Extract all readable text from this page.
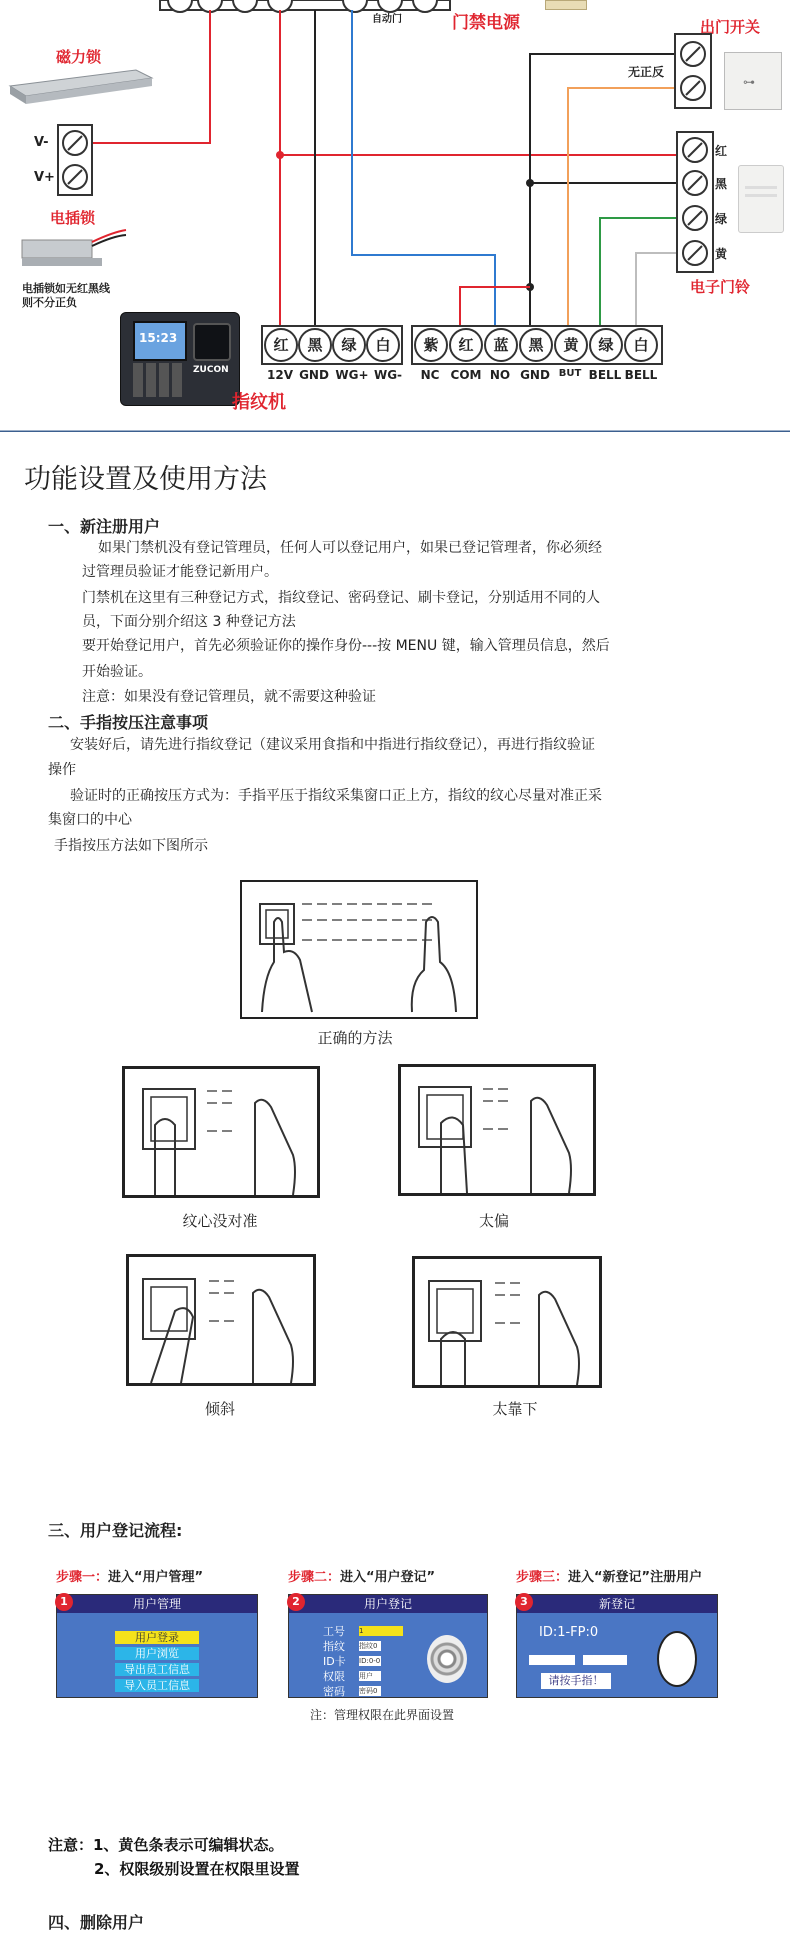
自动门	门禁电源
磁力锁
V-
V+
电插锁
电插锁如无红黑线
则不分正负
15:23
ZUCON
指纹机
出门开关
无正反
⊶
红
黑
绿
黄
电子门铃
红	黑	绿	白
12V GND WG+ WG-
紫	红	蓝	黑	黄	绿	白
NC COM NO GND BUT BELL BELL
功能设置及使用方法
一、新注册用户
如果门禁机没有登记管理员，任何人可以登记用户，如果已登记管理者，你必须经
过管理员验证才能登记新用户。
门禁机在这里有三种登记方式，指纹登记、密码登记、刷卡登记，分别适用不同的人
员，下面分别介绍这 3 种登记方法
要开始登记用户，首先必须验证你的操作身份---按 MENU 键，输入管理员信息，然后
开始验证。
注意：如果没有登记管理员，就不需要这种验证
二、手指按压注意事项
安装好后，请先进行指纹登记（建议采用食指和中指进行指纹登记），再进行指纹验证
操作
验证时的正确按压方式为：手指平压于指纹采集窗口正上方，指纹的纹心尽量对准正采
集窗口的中心
手指按压方法如下图所示
正确的方法
纹心没对准	太偏
倾斜	太靠下
三、用户登记流程:
步骤一：进入“用户管理”	步骤二：进入“用户登记”	步骤三：进入“新登记”注册用户
用户管理
1
用户登录
用户浏览
导出员工信息
导入员工信息
用户登记
2
工号
指纹
ID卡
权限
密码
1
指纹0
ID:0-0
用户
密码0
新登记
3
ID:1-FP:0
请按手指！
注：管理权限在此界面设置
注意：1、黄色条表示可编辑状态。
2、权限级别设置在权限里设置
四、删除用户
